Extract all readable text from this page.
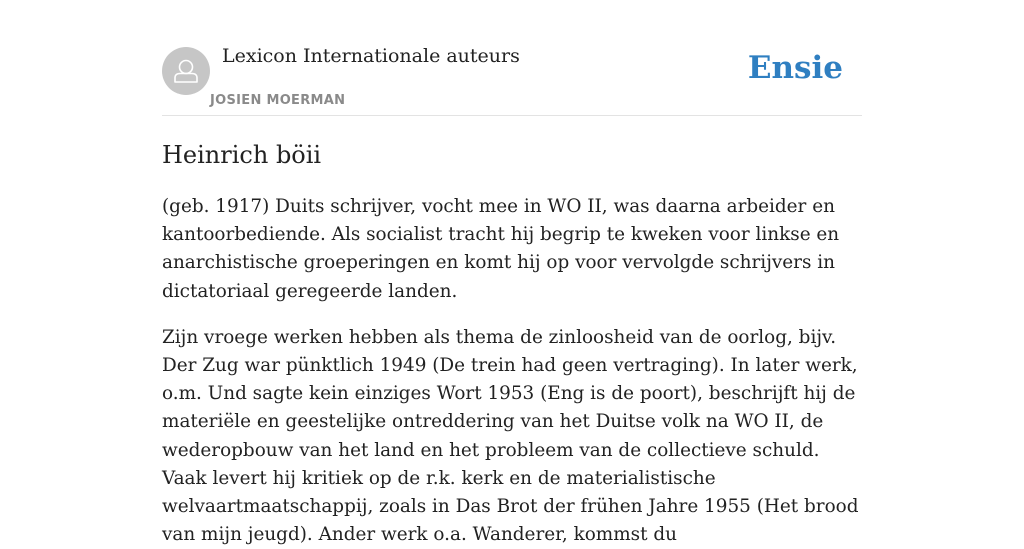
Lexicon Internationale auteurs
JOSIEN MOERMAN
Ensie
Heinrich böii

(geb. 1917) Duits schrijver, vocht mee in WO II, was daarna arbeider en kantoorbediende. Als socialist tracht hij begrip te kweken voor linkse en anarchistische groeperingen en komt hij op voor vervolgde schrijvers in dictatoriaal geregeerde landen.

Zijn vroege werken hebben als thema de zinloosheid van de oorlog, bijv. Der Zug war pünktlich 1949 (De trein had geen vertraging). In later werk, o.m. Und sagte kein einziges Wort 1953 (Eng is de poort), beschrijft hij de materiële en geestelijke ontreddering van het Duitse volk na WO II, de wederopbouw van het land en het probleem van de collectieve schuld. Vaak levert hij kritiek op de r.k. kerk en de materialistische welvaartmaatschappij, zoals in Das Brot der frühen Jahre 1955 (Het brood van mijn jeugd). Ander werk o.a. Wanderer, kommst du
